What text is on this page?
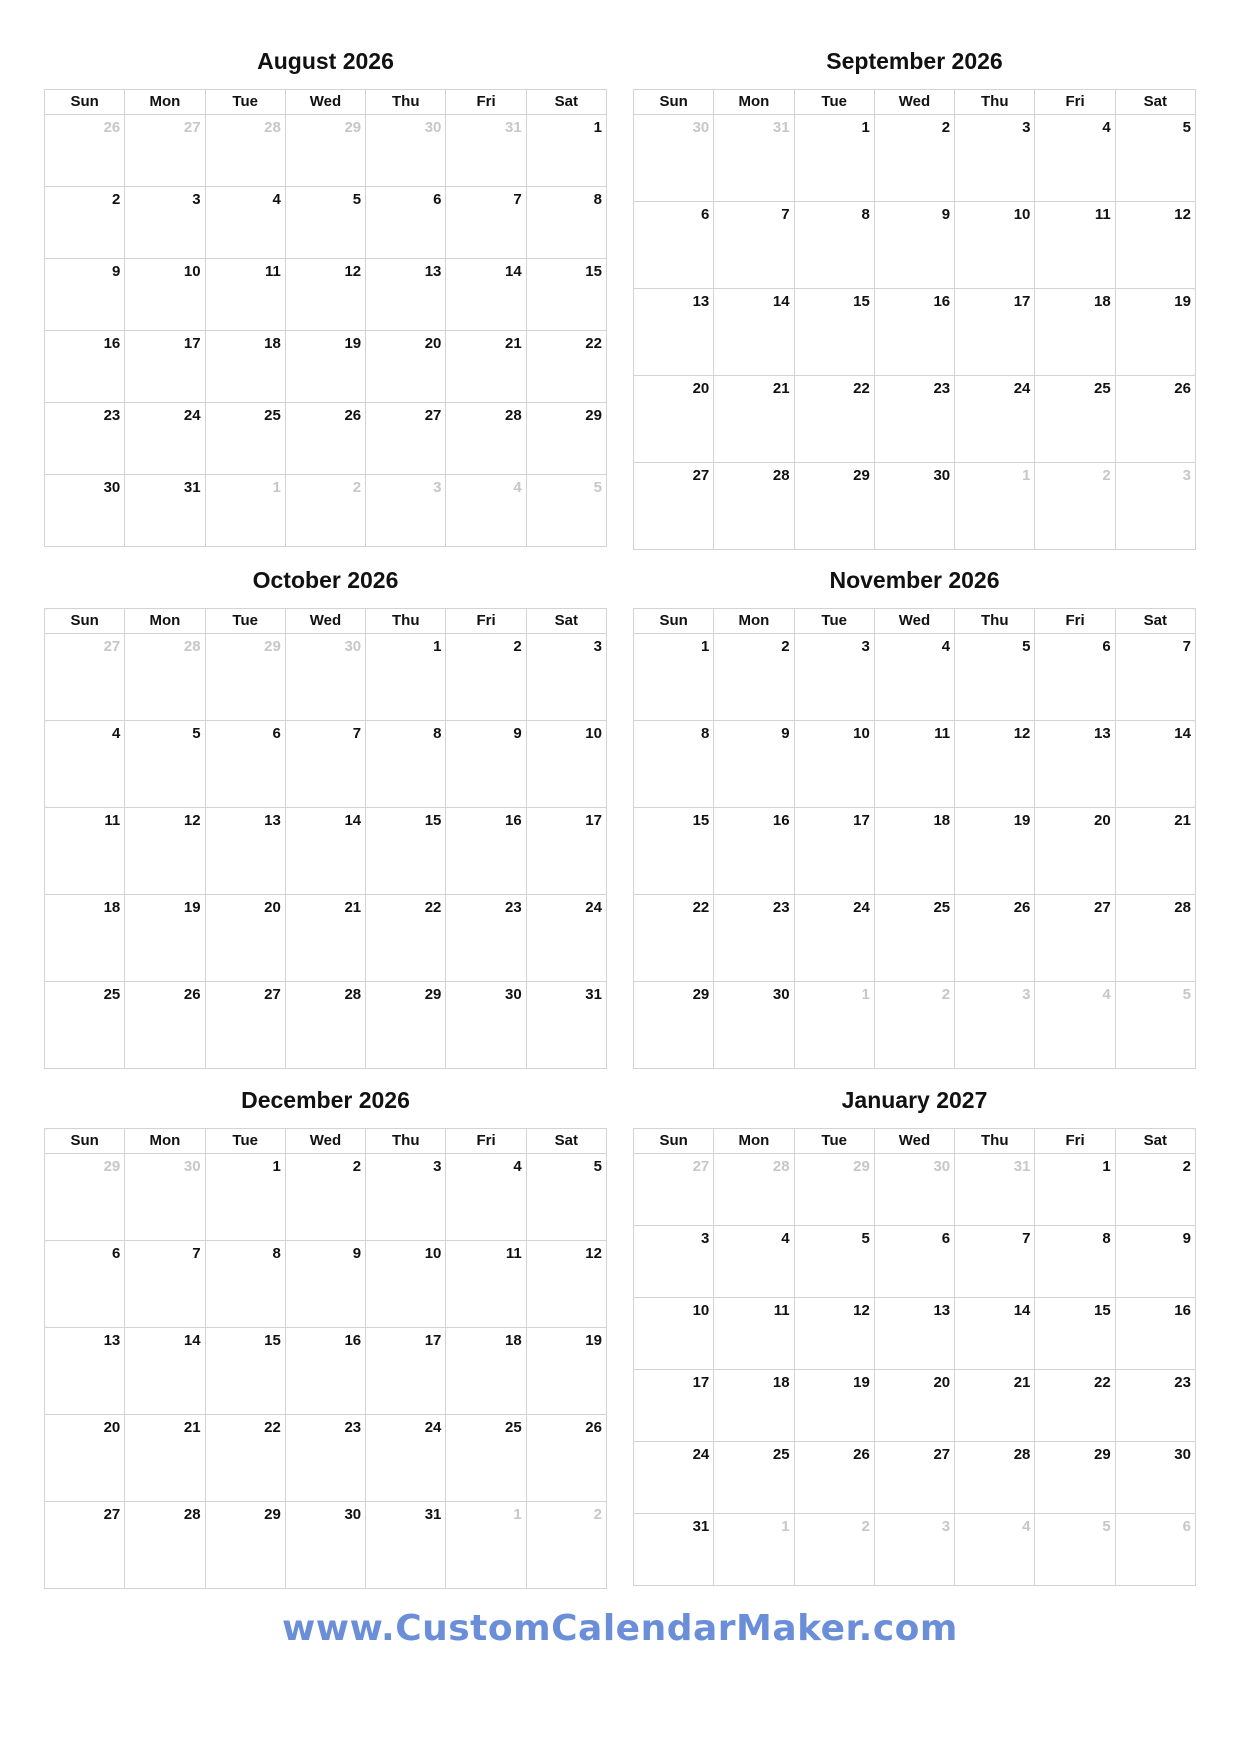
August 2026
Sun	Mon	Tue	Wed	Thu	Fri	Sat
26	27	28	29	30	31	1
2	3	4	5	6	7	8
9	10	11	12	13	14	15
16	17	18	19	20	21	22
23	24	25	26	27	28	29
30	31	1	2	3	4	5
September 2026
Sun	Mon	Tue	Wed	Thu	Fri	Sat
30	31	1	2	3	4	5
6	7	8	9	10	11	12
13	14	15	16	17	18	19
20	21	22	23	24	25	26
27	28	29	30	1	2	3
October 2026
Sun	Mon	Tue	Wed	Thu	Fri	Sat
27	28	29	30	1	2	3
4	5	6	7	8	9	10
11	12	13	14	15	16	17
18	19	20	21	22	23	24
25	26	27	28	29	30	31
November 2026
Sun	Mon	Tue	Wed	Thu	Fri	Sat
1	2	3	4	5	6	7
8	9	10	11	12	13	14
15	16	17	18	19	20	21
22	23	24	25	26	27	28
29	30	1	2	3	4	5
December 2026
Sun	Mon	Tue	Wed	Thu	Fri	Sat
29	30	1	2	3	4	5
6	7	8	9	10	11	12
13	14	15	16	17	18	19
20	21	22	23	24	25	26
27	28	29	30	31	1	2
January 2027
Sun	Mon	Tue	Wed	Thu	Fri	Sat
27	28	29	30	31	1	2
3	4	5	6	7	8	9
10	11	12	13	14	15	16
17	18	19	20	21	22	23
24	25	26	27	28	29	30
31	1	2	3	4	5	6
www.CustomCalendarMaker.com
